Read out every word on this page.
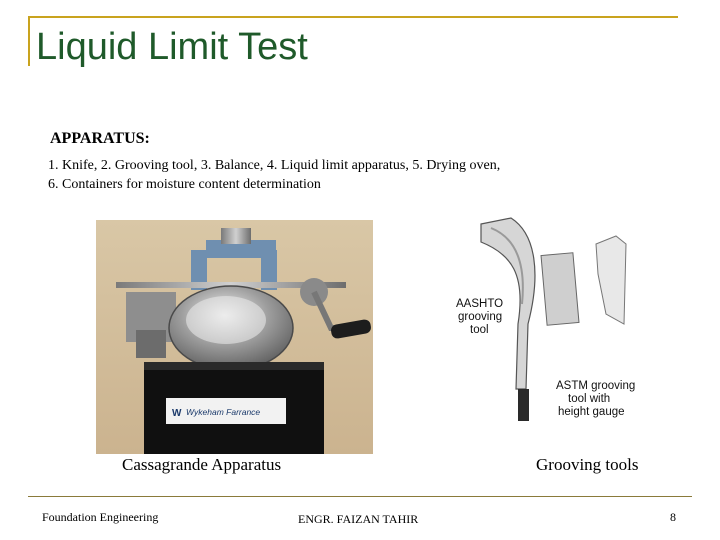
Liquid Limit Test
APPARATUS:
1. Knife, 2. Grooving tool, 3. Balance, 4. Liquid limit apparatus, 5. Drying oven,
6. Containers for moisture content determination
W Wykeham Farrance
AASHTO
grooving
tool
ASTM grooving
tool with
height gauge
Cassagrande Apparatus	Grooving tools
Foundation Engineering	ENGR. FAIZAN TAHIR	8
